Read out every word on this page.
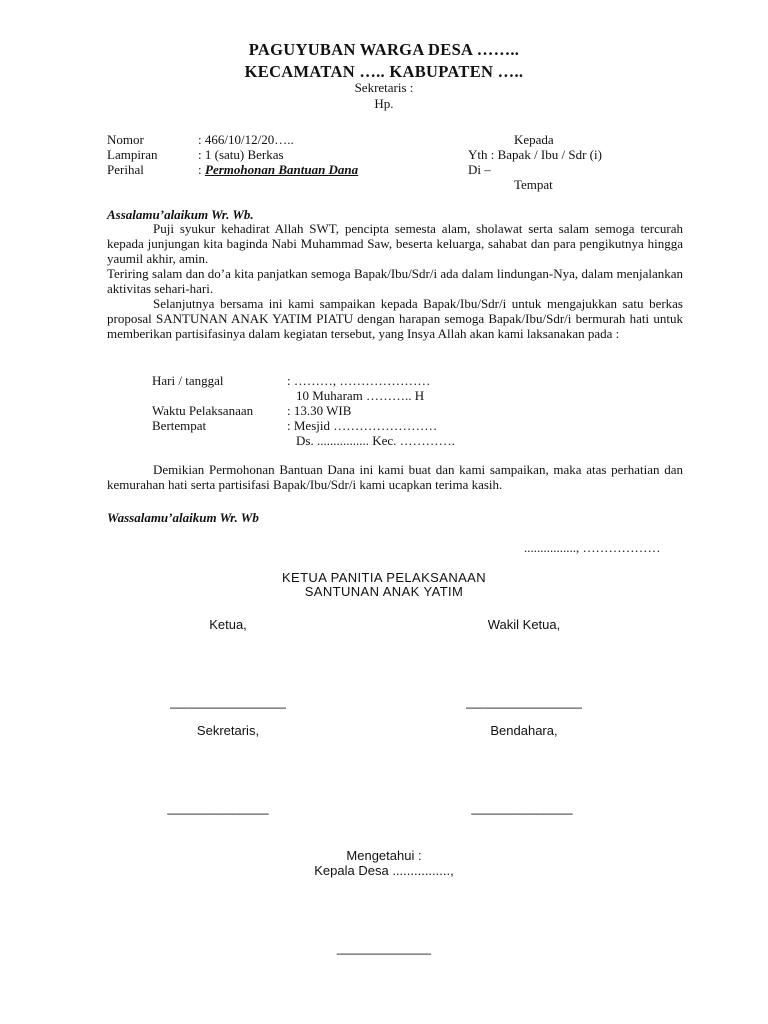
PAGUYUBAN WARGA DESA ……..
KECAMATAN ….. KABUPATEN …..
Sekretaris :
Hp.
Nomor	: 466/10/12/20…..
Lampiran	: 1 (satu) Berkas
Perihal	: Permohonan Bantuan Dana
Kepada
Yth : Bapak / Ibu / Sdr (i)
Di –
Tempat
Assalamu’alaikum Wr. Wb.
Puji syukur kehadirat Allah SWT, pencipta semesta alam, sholawat serta salam semoga tercurah kepada junjungan kita baginda Nabi Muhammad Saw, beserta keluarga, sahabat dan para pengikutnya hingga yaumil akhir, amin.
Teriring salam dan do’a kita panjatkan semoga Bapak/Ibu/Sdr/i ada dalam lindungan-Nya, dalam menjalankan aktivitas sehari-hari.
Selanjutnya bersama ini kami sampaikan kepada Bapak/Ibu/Sdr/i untuk mengajukkan satu berkas proposal SANTUNAN ANAK YATIM PIATU dengan harapan semoga Bapak/Ibu/Sdr/i bermurah hati untuk memberikan partisifasinya dalam kegiatan tersebut, yang Insya Allah akan kami laksanakan pada :
Hari / tanggal	: ………, …………………
10 Muharam ……….. H
Waktu Pelaksanaan	: 13.30 WIB
Bertempat	: Mesjid ……………………
Ds. ................ Kec. ………….
Demikian Permohonan Bantuan Dana ini kami buat dan kami sampaikan, maka atas perhatian dan kemurahan hati serta partisifasi Bapak/Ibu/Sdr/i kami ucapkan terima kasih.
Wassalamu’alaikum Wr. Wb
................, ………………
KETUA PANITIA PELAKSANAAN
SANTUNAN ANAK YATIM
Ketua,	Wakil Ketua,
________________	________________
Sekretaris,	Bendahara,
______________	______________
Mengetahui :
Kepala Desa ................,
_____________
